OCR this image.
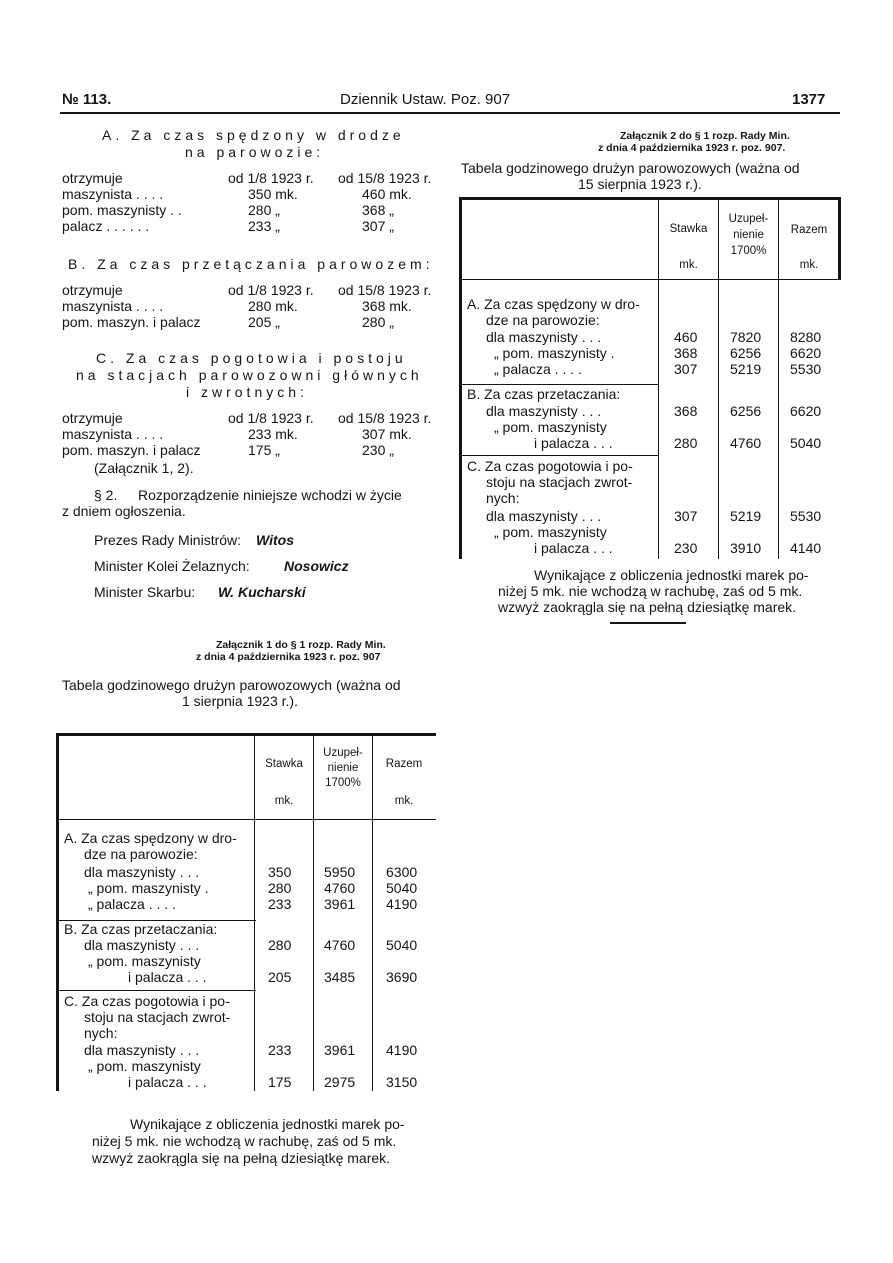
№ 113.	Dziennik Ustaw. Poz. 907	1377
A. Za czas spędzony w drodze
na parowozie:
otrzymuje	od 1/8 1923 r. od 15/8 1923 r.
maszynista . . . .	350 mk.	460 mk.
pom. maszynisty . .	280 „	368 „
palacz . . . . . .	233 „	307 „
B. Za czas przetączania parowozem:
otrzymuje	od 1/8 1923 r. od 15/8 1923 r.
maszynista . . . .	280 mk.	368 mk.
pom. maszyn. i palacz	205 „	280 „
C. Za czas pogotowia i postoju
na stacjach parowozowni głównych
i zwrotnych:
otrzymuje	od 1/8 1923 r. od 15/8 1923 r.
maszynista . . . .	233 mk.	307 mk.
pom. maszyn. i palacz	175 „	230 „
(Załącznik 1, 2).
§ 2. Rozporządzenie niniejsze wchodzi w życie
z dniem ogłoszenia.
Prezes Rady Ministrów: Witos
Minister Kolei Żelaznych: Nosowicz
Minister Skarbu: W. Kucharski
Załącznik 1 do § 1 rozp. Rady Min.
z dnia 4 października 1923 r. poz. 907
Tabela godzinowego drużyn parowozowych (ważna od
1 sierpnia 1923 r.).
Stawka
Uzupeł-
nienie
1700%
Razem
mk.	mk.
A. Za czas spędzony w dro-
dze na parowozie:
dla maszynisty . . .	350 5950 6300
„ pom. maszynisty .	280 4760 5040
„ palacza . . . .	233 3961 4190
B. Za czas przetaczania:
dla maszynisty . . .	280 4760 5040
„ pom. maszynisty
i palacza . . .	205 3485 3690
C. Za czas pogotowia i po-
stoju na stacjach zwrot-
nych:
dla maszynisty . . .	233 3961 4190
„ pom. maszynisty
i palacza . . .	175 2975 3150
Wynikające z obliczenia jednostki marek po-
niżej 5 mk. nie wchodzą w rachubę, zaś od 5 mk.
wzwyż zaokrągla się na pełną dziesiątkę marek.
Załącznik 2 do § 1 rozp. Rady Min.
z dnia 4 października 1923 r. poz. 907.
Tabela godzinowego drużyn parowozowych (ważna od
15 sierpnia 1923 r.).
Stawka
Uzupeł-
nienie
1700%
Razem
mk.	mk.
A. Za czas spędzony w dro-
dze na parowozie:
dla maszynisty . . .	460 7820 8280
„ pom. maszynisty .	368 6256 6620
„ palacza . . . .	307 5219 5530
B. Za czas przetaczania:
dla maszynisty . . .	368 6256 6620
„ pom. maszynisty
i palacza . . .	280 4760 5040
C. Za czas pogotowia i po-
stoju na stacjach zwrot-
nych:
dla maszynisty . . .	307 5219 5530
„ pom. maszynisty
i palacza . . .	230 3910 4140
Wynikające z obliczenia jednostki marek po-
niżej 5 mk. nie wchodzą w rachubę, zaś od 5 mk.
wzwyż zaokrągla się na pełną dziesiątkę marek.
